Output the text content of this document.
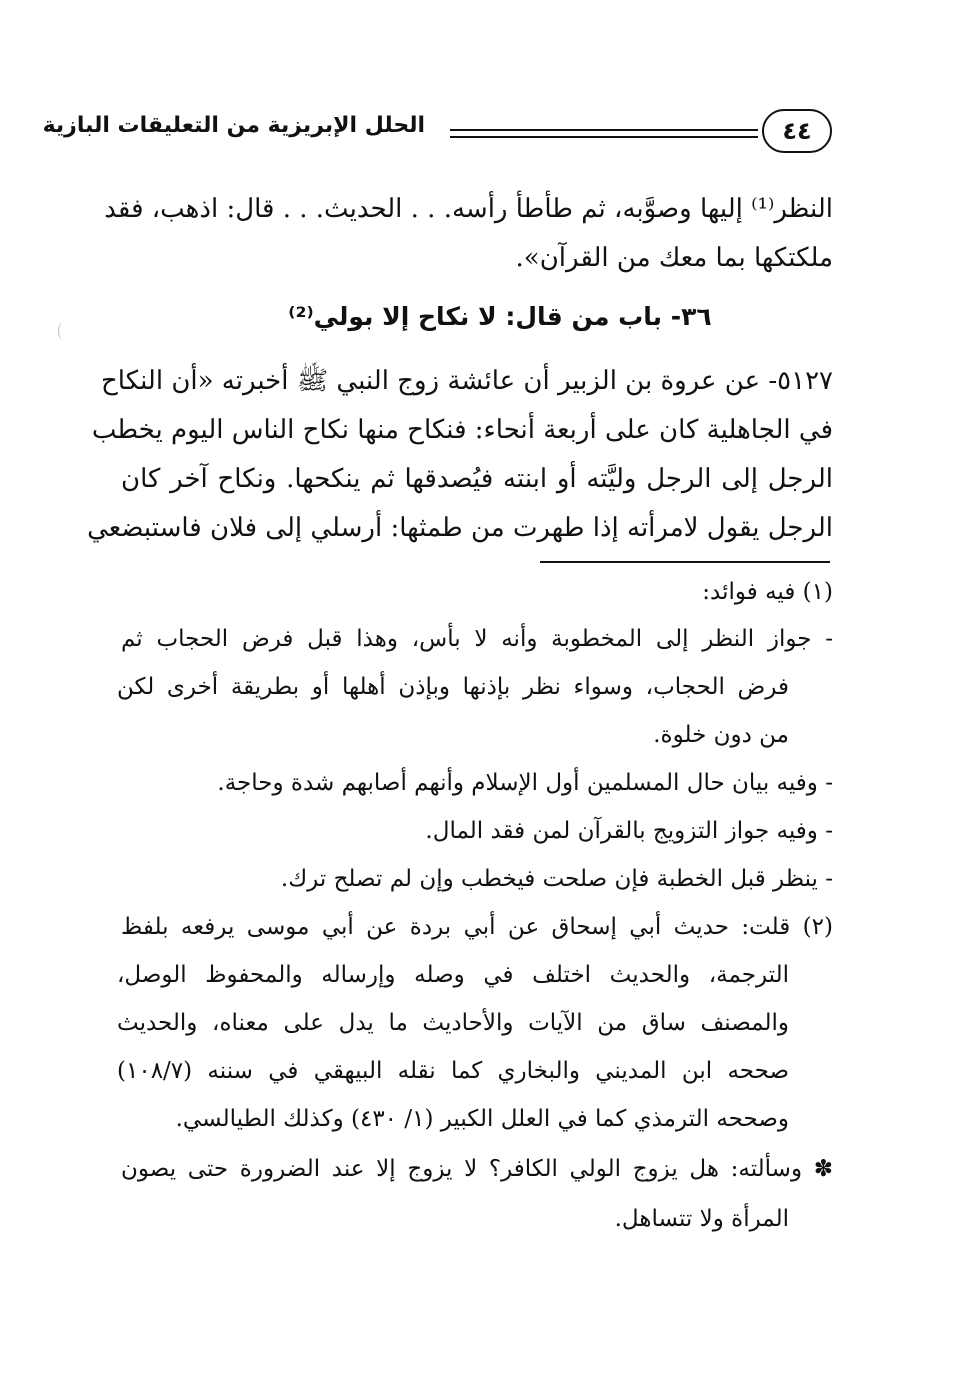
الحلل الإبريزية من التعليقات البازية	٤٤
النظر⁽¹⁾ إليها وصوَّبه، ثم طأطأ رأسه. . . الحديث. . . قال: اذهب، فقد
ملكتكها بما معك من القرآن».
٣٦- باب من قال: لا نكاح إلا بولي⁽²⁾
٥١٢٧- عن عروة بن الزبير أن عائشة زوج النبي ﷺ أخبرته «أن النكاح
في الجاهلية كان على أربعة أنحاء: فنكاح منها نكاح الناس اليوم يخطب
الرجل إلى الرجل وليَّته أو ابنته فيُصدقها ثم ينكحها. ونكاح آخر كان
الرجل يقول لامرأته إذا طهرت من طمثها: أرسلي إلى فلان فاستبضعي
(١) فيه فوائد:
- جواز النظر إلى المخطوبة وأنه لا بأس، وهذا قبل فرض الحجاب ثم
فرض الحجاب، وسواء نظر بإذنها وبإذن أهلها أو بطريقة أخرى لكن
من دون خلوة.
- وفيه بيان حال المسلمين أول الإسلام وأنهم أصابهم شدة وحاجة.
- وفيه جواز التزويج بالقرآن لمن فقد المال.
- ينظر قبل الخطبة فإن صلحت فيخطب وإن لم تصلح ترك.
(٢) قلت: حديث أبي إسحاق عن أبي بردة عن أبي موسى يرفعه بلفظ
الترجمة، والحديث اختلف في وصله وإرساله والمحفوظ الوصل،
والمصنف ساق من الآيات والأحاديث ما يدل على معناه، والحديث
صححه ابن المديني والبخاري كما نقله البيهقي في سننه (١٠٨/٧)
وصححه الترمذي كما في العلل الكبير (١/ ٤٣٠) وكذلك الطيالسي.
✽ وسألته: هل يزوج الولي الكافر؟ لا يزوج إلا عند الضرورة حتى يصون
المرأة ولا تتساهل.
